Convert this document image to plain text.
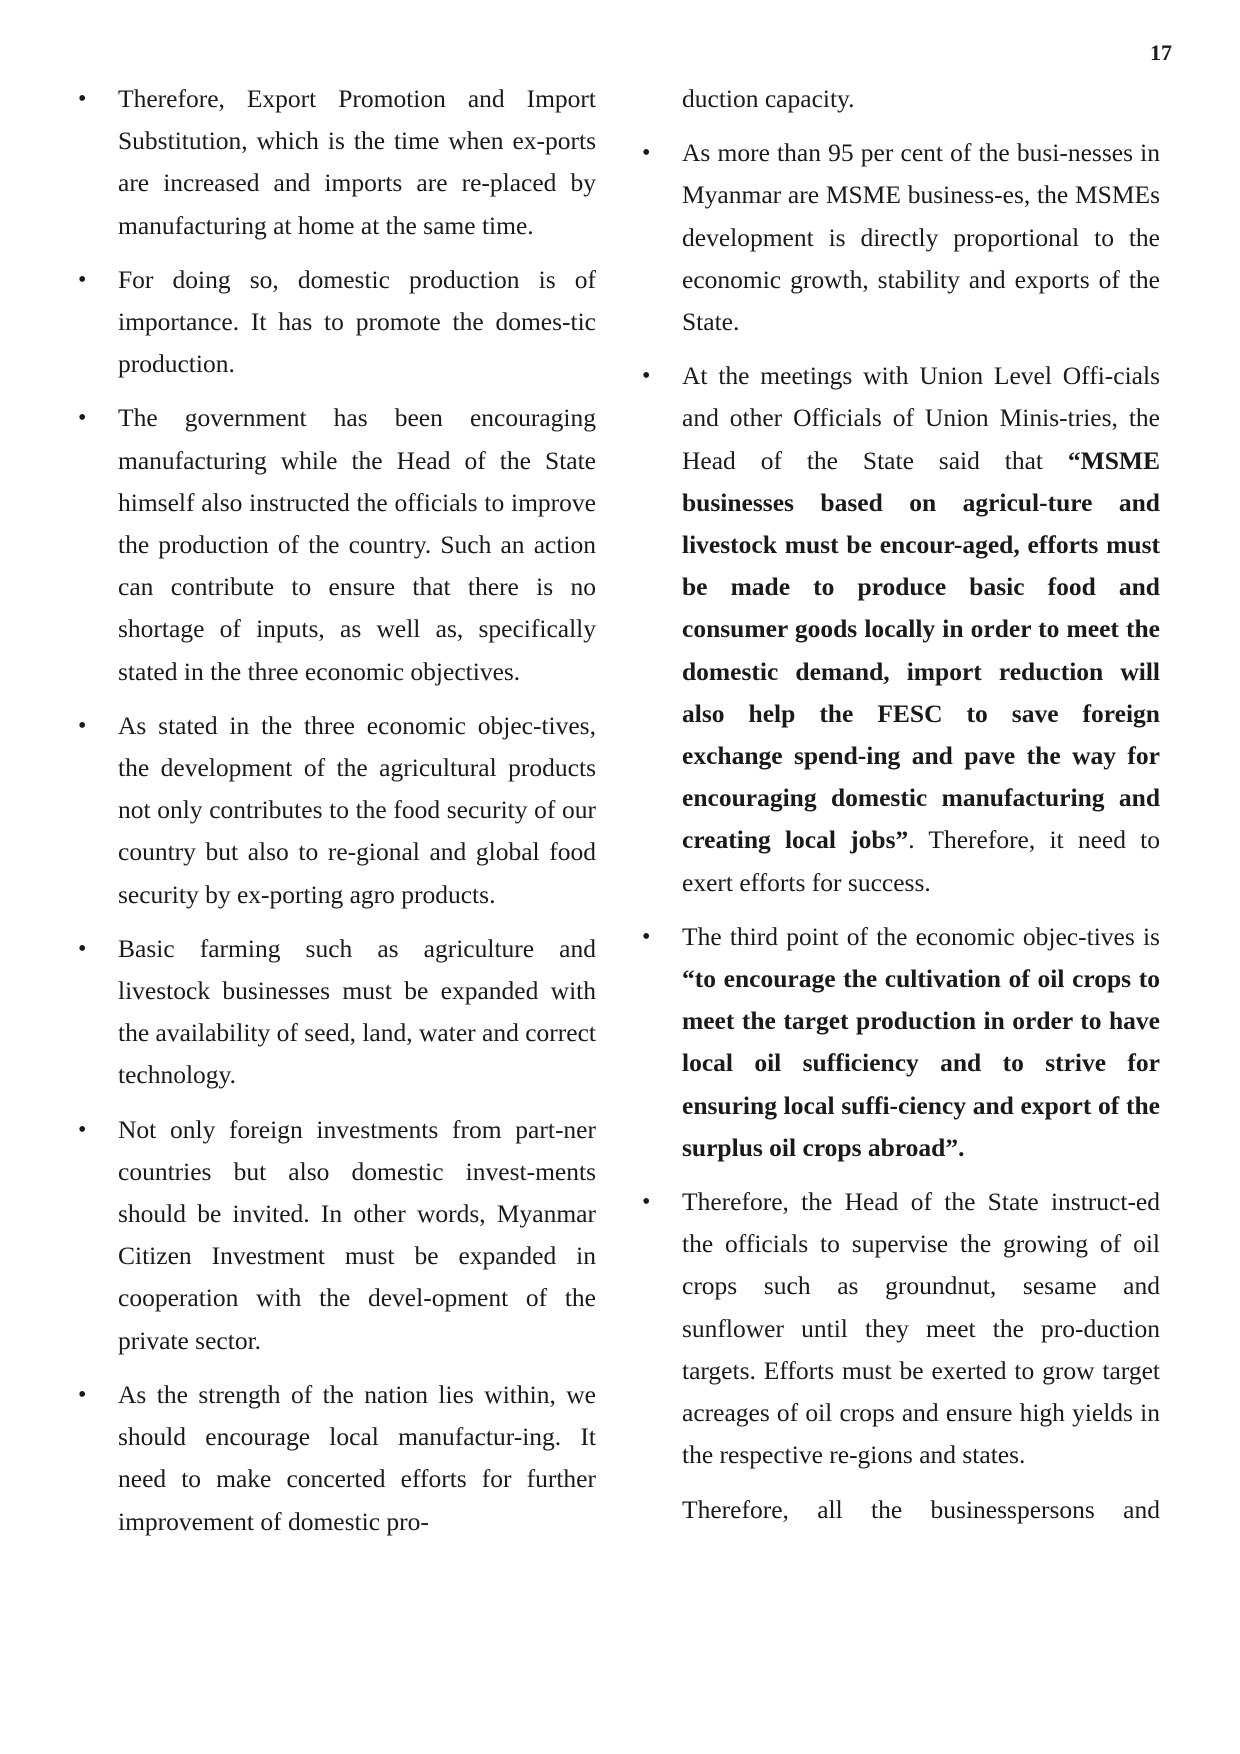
17
• Therefore, Export Promotion and Import Substitution, which is the time when ex-ports are increased and imports are re-placed by manufacturing at home at the same time.
• For doing so, domestic production is of importance. It has to promote the domes-tic production.
• The government has been encouraging manufacturing while the Head of the State himself also instructed the officials to improve the production of the country. Such an action can contribute to ensure that there is no shortage of inputs, as well as, specifically stated in the three economic objectives.
• As stated in the three economic objec-tives, the development of the agricultural products not only contributes to the food security of our country but also to re-gional and global food security by ex-porting agro products.
• Basic farming such as agriculture and livestock businesses must be expanded with the availability of seed, land, water and correct technology.
• Not only foreign investments from part-ner countries but also domestic invest-ments should be invited. In other words, Myanmar Citizen Investment must be expanded in cooperation with the devel-opment of the private sector.
• As the strength of the nation lies within, we should encourage local manufactur-ing. It need to make concerted efforts for further improvement of domestic pro-

duction capacity.

• As more than 95 per cent of the busi-nesses in Myanmar are MSME business-es, the MSMEs development is directly proportional to the economic growth, stability and exports of the State.
• At the meetings with Union Level Offi-cials and other Officials of Union Minis-tries, the Head of the State said that “MSME businesses based on agricul-ture and livestock must be encour-aged, efforts must be made to produce basic food and consumer goods locally in order to meet the domestic demand, import reduction will also help the FESC to save foreign exchange spend-ing and pave the way for encouraging domestic manufacturing and creating local jobs”. Therefore, it need to exert efforts for success.
• The third point of the economic objec-tives is “to encourage the cultivation of oil crops to meet the target production in order to have local oil sufficiency and to strive for ensuring local suffi-ciency and export of the surplus oil crops abroad”.
• Therefore, the Head of the State instruct-ed the officials to supervise the growing of oil crops such as groundnut, sesame and sunflower until they meet the pro-duction targets. Efforts must be exerted to grow target acreages of oil crops and ensure high yields in the respective re-gions and states.

Therefore, all the businesspersons and
